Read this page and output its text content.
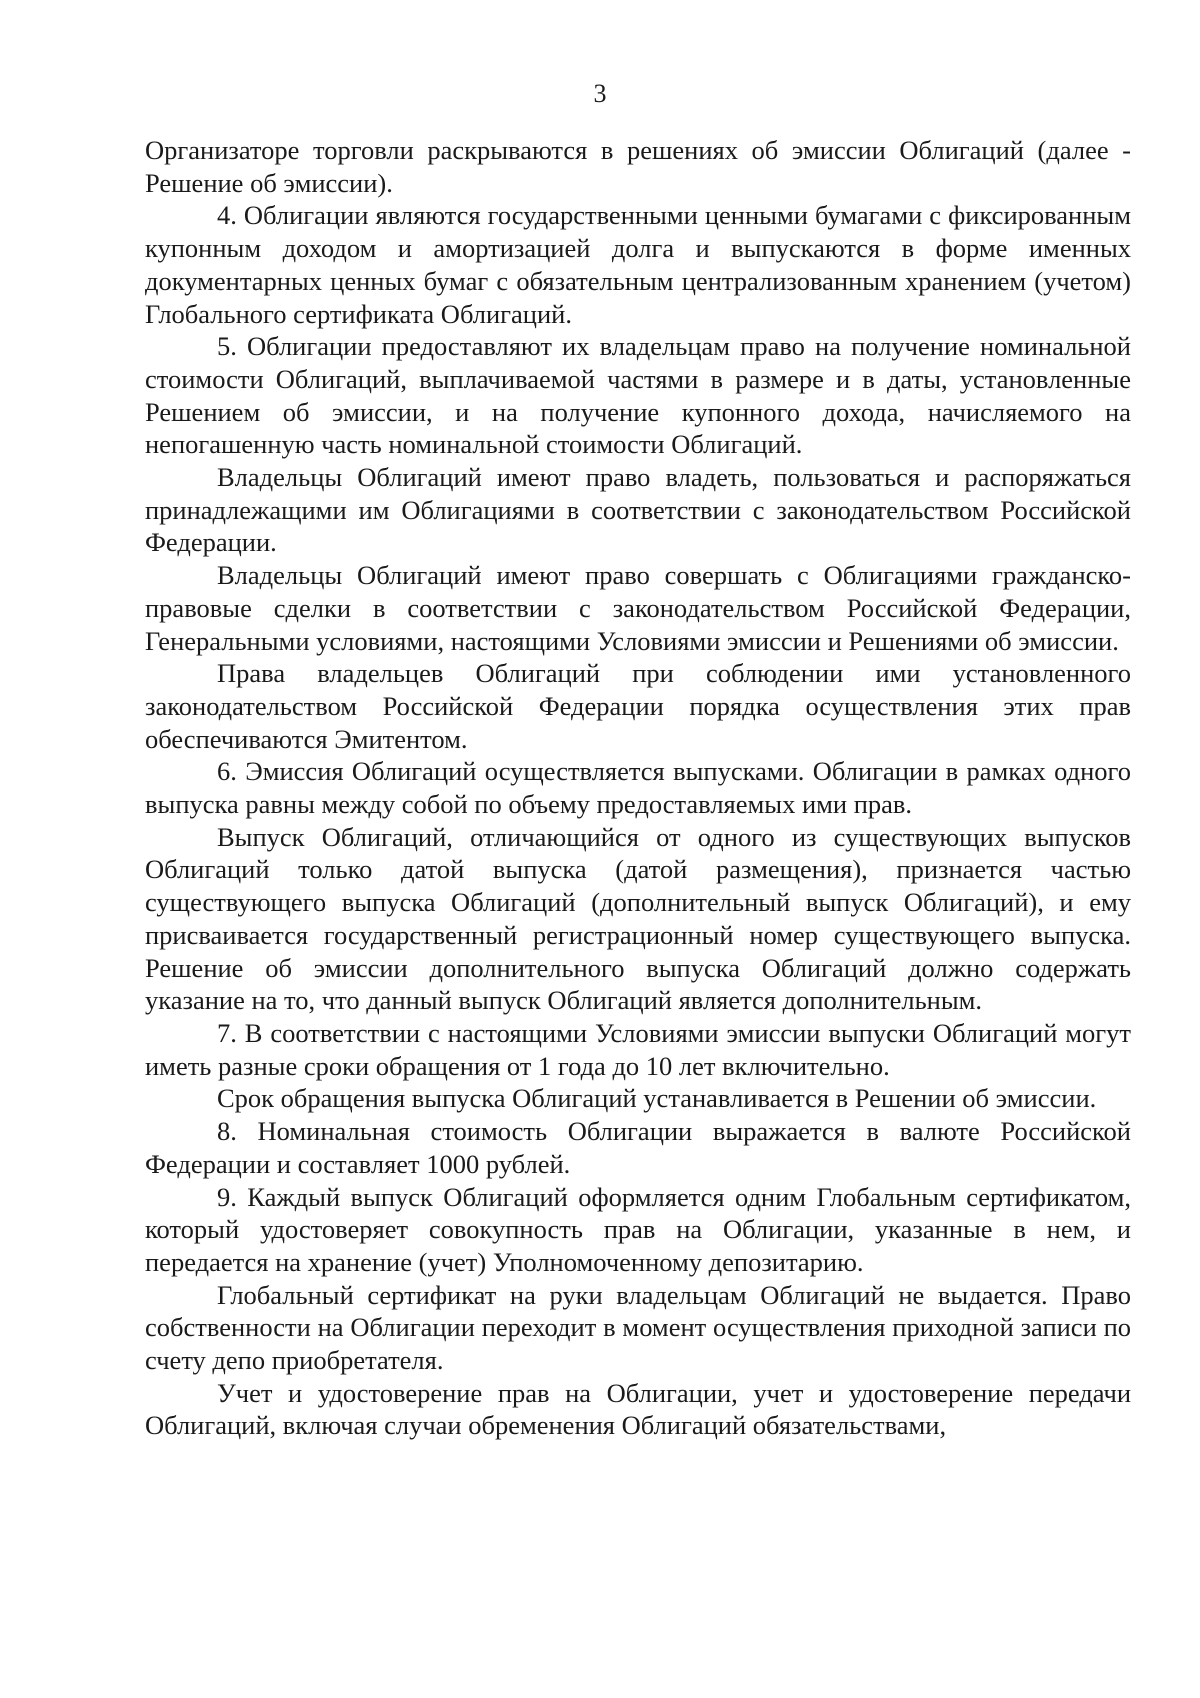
3

Организаторе торговли раскрываются в решениях об эмиссии Облигаций (далее - Решение об эмиссии).

4. Облигации являются государственными ценными бумагами с фиксированным купонным доходом и амортизацией долга и выпускаются в форме именных документарных ценных бумаг с обязательным централизованным хранением (учетом) Глобального сертификата Облигаций.

5. Облигации предоставляют их владельцам право на получение номинальной стоимости Облигаций, выплачиваемой частями в размере и в даты, установленные Решением об эмиссии, и на получение купонного дохода, начисляемого на непогашенную часть номинальной стоимости Облигаций.

Владельцы Облигаций имеют право владеть, пользоваться и распоряжаться принадлежащими им Облигациями в соответствии с законодательством Российской Федерации.

Владельцы Облигаций имеют право совершать с Облигациями гражданско-правовые сделки в соответствии с законодательством Российской Федерации, Генеральными условиями, настоящими Условиями эмиссии и Решениями об эмиссии.

Права владельцев Облигаций при соблюдении ими установленного законодательством Российской Федерации порядка осуществления этих прав обеспечиваются Эмитентом.

6. Эмиссия Облигаций осуществляется выпусками. Облигации в рамках одного выпуска равны между собой по объему предоставляемых ими прав.

Выпуск Облигаций, отличающийся от одного из существующих выпусков Облигаций только датой выпуска (датой размещения), признается частью существующего выпуска Облигаций (дополнительный выпуск Облигаций), и ему присваивается государственный регистрационный номер существующего выпуска. Решение об эмиссии дополнительного выпуска Облигаций должно содержать указание на то, что данный выпуск Облигаций является дополнительным.

7. В соответствии с настоящими Условиями эмиссии выпуски Облигаций могут иметь разные сроки обращения от 1 года до 10 лет включительно.

Срок обращения выпуска Облигаций устанавливается в Решении об эмиссии.

8. Номинальная стоимость Облигации выражается в валюте Российской Федерации и составляет 1000 рублей.

9. Каждый выпуск Облигаций оформляется одним Глобальным сертификатом, который удостоверяет совокупность прав на Облигации, указанные в нем, и передается на хранение (учет) Уполномоченному депозитарию.

Глобальный сертификат на руки владельцам Облигаций не выдается. Право собственности на Облигации переходит в момент осуществления приходной записи по счету депо приобретателя.

Учет и удостоверение прав на Облигации, учет и удостоверение передачи Облигаций, включая случаи обременения Облигаций обязательствами,
